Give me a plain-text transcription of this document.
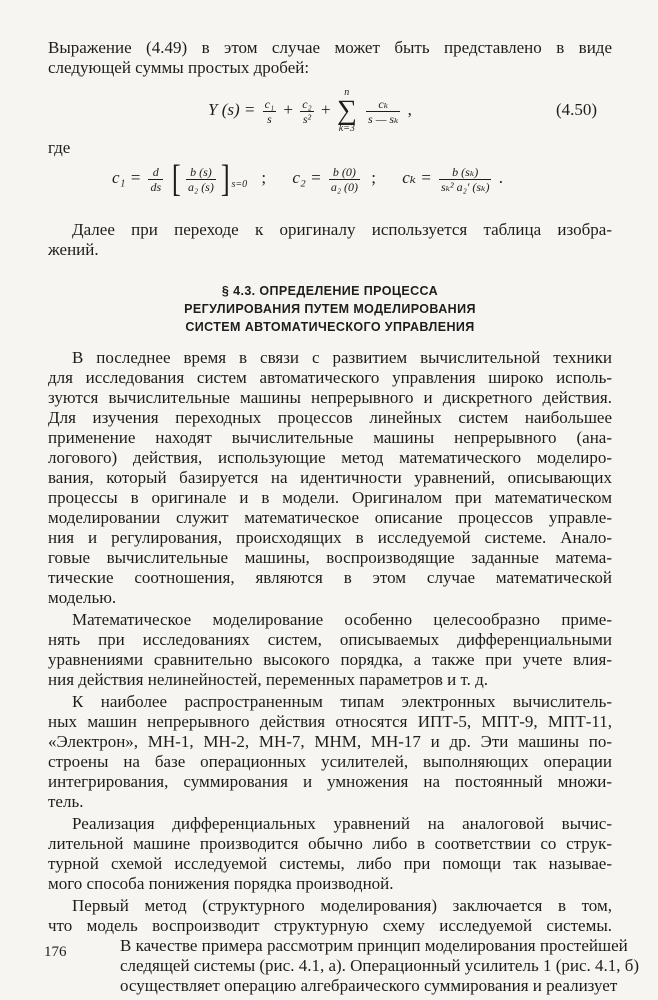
Выражение (4.49) в этом случае может быть представлено в виде
следующей суммы простых дробей:
Y $(s) = \frac{\text{c₁}}{s} + \frac{\text{c₂}}{\text{s²}}$ +
n
∑
k=3

$\frac{\text{cₖ}}{\text{s — sₖ}}$ ,	(4.50)
где
$c_1 = \frac{d}{ds}$ [ $\frac{b (s)}{\text{a₂ (s)}}$ ] $_{s=0}$ ; $c_2 = \frac{b (0)}{\text{a₂ (0)}}$ ; $c_k = \frac{\text{b (sₖ)}}{\text{sₖ² a₂′ (sₖ)}}$ .
Далее при переходе к оригиналу используется таблица изобра-
жений.
§ 4.3. ОПРЕДЕЛЕНИЕ ПРОЦЕССА
РЕГУЛИРОВАНИЯ ПУТЕМ МОДЕЛИРОВАНИЯ
СИСТЕМ АВТОМАТИЧЕСКОГО УПРАВЛЕНИЯ
В последнее время в связи с развитием вычислительной техники
для исследования систем автоматического управления широко исполь-
зуются вычислительные машины непрерывного и дискретного действия.
Для изучения переходных процессов линейных систем наибольшее
применение находят вычислительные машины непрерывного (ана-
логового) действия, использующие метод математического моделиро-
вания, который базируется на идентичности уравнений, описывающих
процессы в оригинале и в модели. Оригиналом при математическом
моделировании служит математическое описание процессов управле-
ния и регулирования, происходящих в исследуемой системе. Анало-
говые вычислительные машины, воспроизводящие заданные матема-
тические соотношения, являются в этом случае математической
моделью.
Математическое моделирование особенно целесообразно приме-
нять при исследованиях систем, описываемых дифференциальными
уравнениями сравнительно высокого порядка, а также при учете влия-
ния действия нелинейностей, переменных параметров и т. д.
К наиболее распространенным типам электронных вычислитель-
ных машин непрерывного действия относятся ИПТ-5, МПТ-9, МПТ-11,
«Электрон», МН-1, МН-2, МН-7, МНМ, МН-17 и др. Эти машины по-
строены на базе операционных усилителей, выполняющих операции
интегрирования, суммирования и умножения на постоянный множи-
тель.
Реализация дифференциальных уравнений на аналоговой вычис-
лительной машине производится обычно либо в соответствии со струк-
турной схемой исследуемой системы, либо при помощи так называе-
мого способа понижения порядка производной.
Первый метод (структурного моделирования) заключается в том,
что модель воспроизводит структурную схему исследуемой системы.
В качестве примера рассмотрим принцип моделирования простейшей
следящей системы (рис. 4.1, а). Операционный усилитель 1 (рис. 4.1, б)
осуществляет операцию алгебраического суммирования и реализует
176
